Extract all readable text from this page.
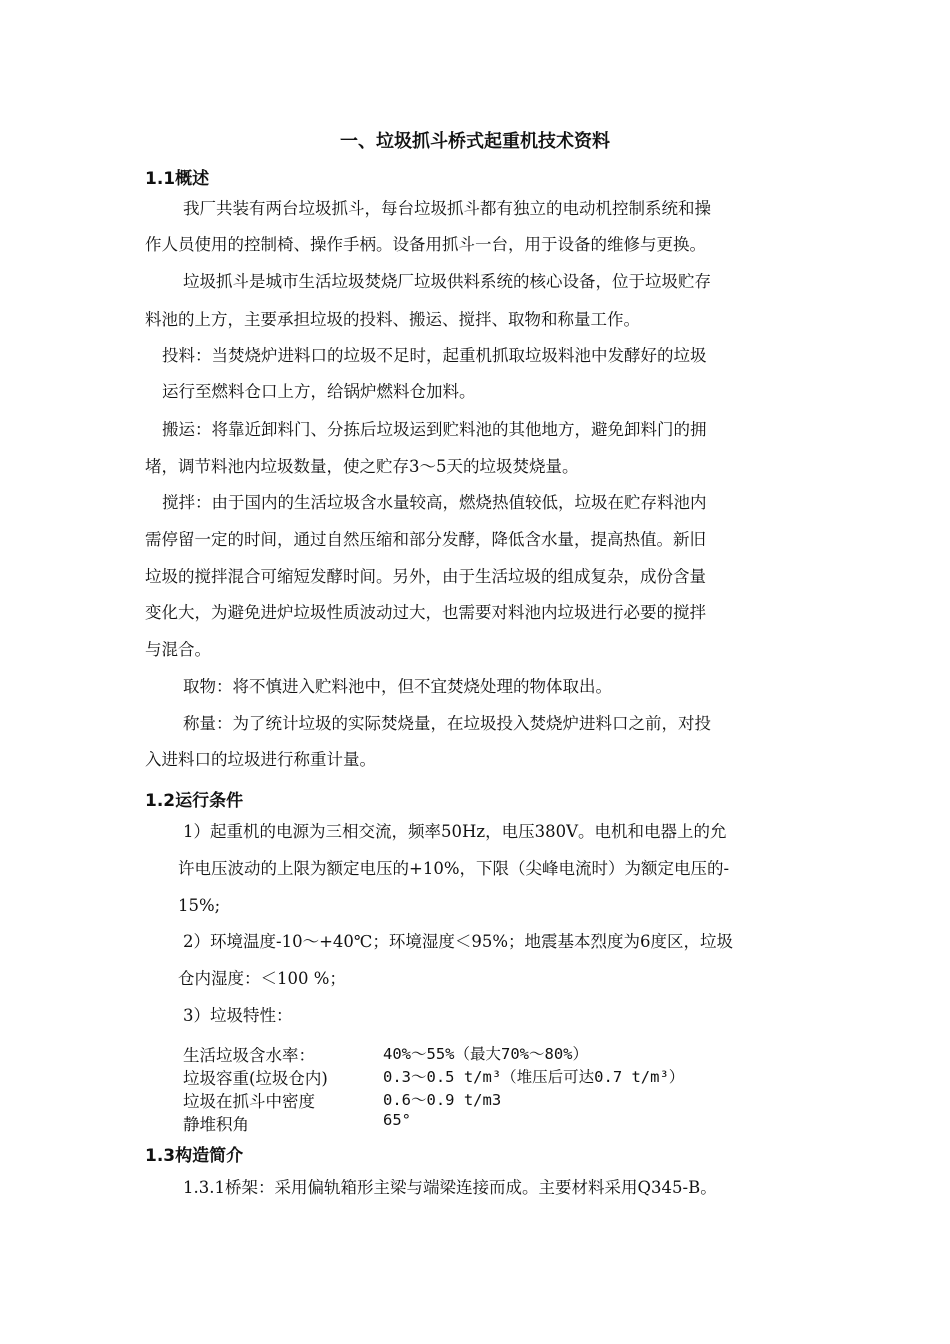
一、垃圾抓斗桥式起重机技术资料
1.1概述
我厂共装有两台垃圾抓斗，每台垃圾抓斗都有独立的电动机控制系统和操
作人员使用的控制椅、操作手柄。设备用抓斗一台，用于设备的维修与更换。
垃圾抓斗是城市生活垃圾焚烧厂垃圾供料系统的核心设备，位于垃圾贮存
料池的上方，主要承担垃圾的投料、搬运、搅拌、取物和称量工作。
投料：当焚烧炉进料口的垃圾不足时，起重机抓取垃圾料池中发酵好的垃圾
运行至燃料仓口上方，给锅炉燃料仓加料。
搬运：将靠近卸料门、分拣后垃圾运到贮料池的其他地方，避免卸料门的拥
堵，调节料池内垃圾数量，使之贮存3～5天的垃圾焚烧量。
搅拌：由于国内的生活垃圾含水量较高，燃烧热值较低，垃圾在贮存料池内
需停留一定的时间，通过自然压缩和部分发酵，降低含水量，提高热值。新旧
垃圾的搅拌混合可缩短发酵时间。另外，由于生活垃圾的组成复杂，成份含量
变化大，为避免进炉垃圾性质波动过大，也需要对料池内垃圾进行必要的搅拌
与混合。
取物：将不慎进入贮料池中，但不宜焚烧处理的物体取出。
称量：为了统计垃圾的实际焚烧量，在垃圾投入焚烧炉进料口之前，对投
入进料口的垃圾进行称重计量。
1.2运行条件
1）起重机的电源为三相交流，频率50Hz，电压380V。电机和电器上的允
许电压波动的上限为额定电压的+10%，下限（尖峰电流时）为额定电压的-
15%;
2）环境温度-10～+40℃；环境湿度＜95%；地震基本烈度为6度区，垃圾
仓内湿度：＜100 %；
3）垃圾特性：
生活垃圾含水率：	40%～55%（最大70%～80%）
垃圾容重(垃圾仓内)	0.3～0.5 t/m³（堆压后可达0.7 t/m³）
垃圾在抓斗中密度	0.6～0.9 t/m3
静堆积角	65°
1.3构造简介
1.3.1桥架：采用偏轨箱形主梁与端梁连接而成。主要材料采用Q345-B。
